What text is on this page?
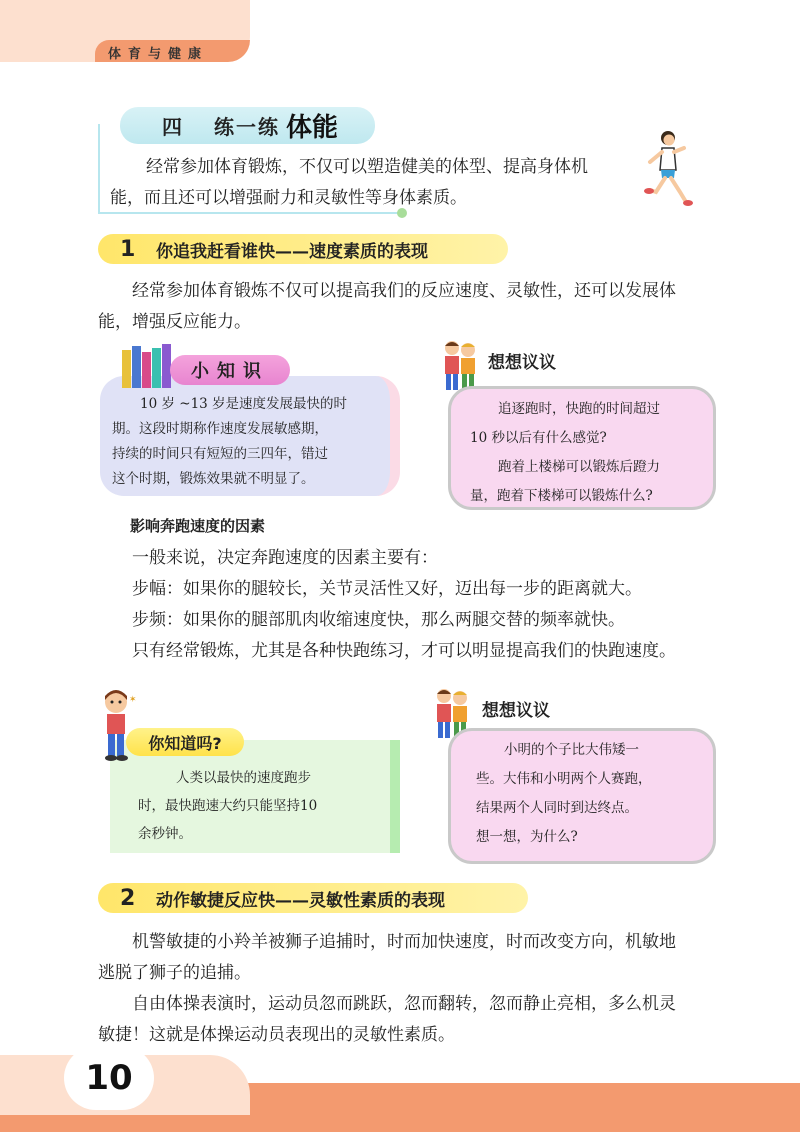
体育与健康
四 练一练 体能
经常参加体育锻炼，不仅可以塑造健美的体型、提高身体机
能，而且还可以增强耐力和灵敏性等身体素质。
1	你追我赶看谁快——速度素质的表现
经常参加体育锻炼不仅可以提高我们的反应速度、灵敏性，还可以发展体
能，增强反应能力。
小知识
10 岁 ~13 岁是速度发展最快的时
期。这段时期称作速度发展敏感期，
持续的时间只有短短的三四年，错过
这个时期，锻炼效果就不明显了。
想想议议
追逐跑时，快跑的时间超过
10 秒以后有什么感觉?
跑着上楼梯可以锻炼后蹬力
量，跑着下楼梯可以锻炼什么?
影响奔跑速度的因素
一般来说，决定奔跑速度的因素主要有：
步幅：如果你的腿较长，关节灵活性又好，迈出每一步的距离就大。
步频：如果你的腿部肌肉收缩速度快，那么两腿交替的频率就快。
只有经常锻炼，尤其是各种快跑练习，才可以明显提高我们的快跑速度。
✶
你知道吗?
人类以最快的速度跑步
时，最快跑速大约只能坚持10
余秒钟。
想想议议
小明的个子比大伟矮一
些。大伟和小明两个人赛跑，
结果两个人同时到达终点。
想一想，为什么?
2	动作敏捷反应快——灵敏性素质的表现
机警敏捷的小羚羊被狮子追捕时，时而加快速度，时而改变方向，机敏地
逃脱了狮子的追捕。
自由体操表演时，运动员忽而跳跃，忽而翻转，忽而静止亮相，多么机灵
敏捷！这就是体操运动员表现出的灵敏性素质。
10
